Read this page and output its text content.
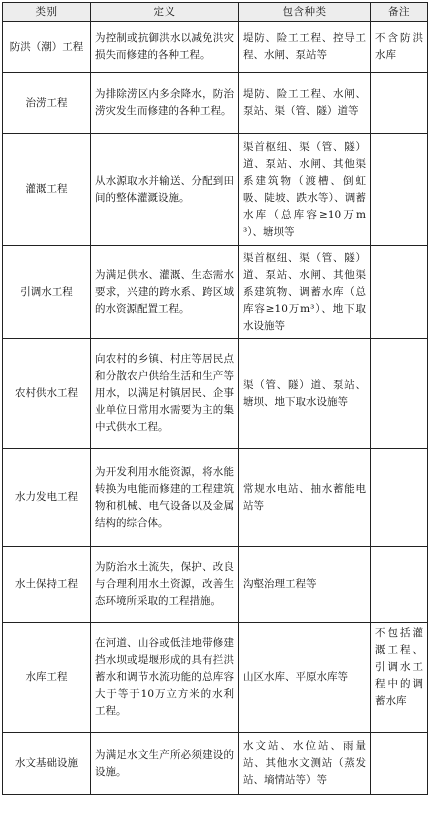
类别	定义	包含种类	备注
防洪（潮）工程	为控制或抗御洪水以减免洪灾损失而修建的各种工程。	堤防、险工工程、控导工程、水闸、泵站等	不含防洪水库
治涝工程	为排除涝区内多余降水，防治涝灾发生而修建的各种工程。	堤防、险工工程、水闸、泵站、渠（管、隧）道等	
灌溉工程	从水源取水并输送、分配到田间的整体灌溉设施。	渠首枢纽、渠（管、隧）道、泵站、水闸、其他渠系建筑物（渡槽、倒虹吸、陡坡、跌水等）、调蓄水库（总库容≥10万m³）、塘坝等	
引调水工程	为满足供水、灌溉、生态需水要求，兴建的跨水系、跨区域的水资源配置工程。	渠首枢纽、渠（管、隧）道、泵站、水闸、其他渠系建筑物、调蓄水库（总库容≥10万m³）、地下取水设施等	
农村供水工程	向农村的乡镇、村庄等居民点和分散农户供给生活和生产等用水，以满足村镇居民、企事业单位日常用水需要为主的集中式供水工程。	渠（管、隧）道、泵站、塘坝、地下取水设施等	
水力发电工程	为开发利用水能资源，将水能转换为电能而修建的工程建筑物和机械、电气设备以及金属结构的综合体。	常规水电站、抽水蓄能电站等	
水土保持工程	为防治水土流失，保护、改良与合理利用水土资源，改善生态环境所采取的工程措施。	沟壑治理工程等	
水库工程	在河道、山谷或低洼地带修建挡水坝或堤堰形成的具有拦洪蓄水和调节水流功能的总库容大于等于10万立方米的水利工程。	山区水库、平原水库等	不包括灌溉工程、引调水工程中的调蓄水库
水文基础设施	为满足水文生产所必须建设的设施。	水文站、水位站、雨量站、其他水文测站（蒸发站、墒情站等）等	
